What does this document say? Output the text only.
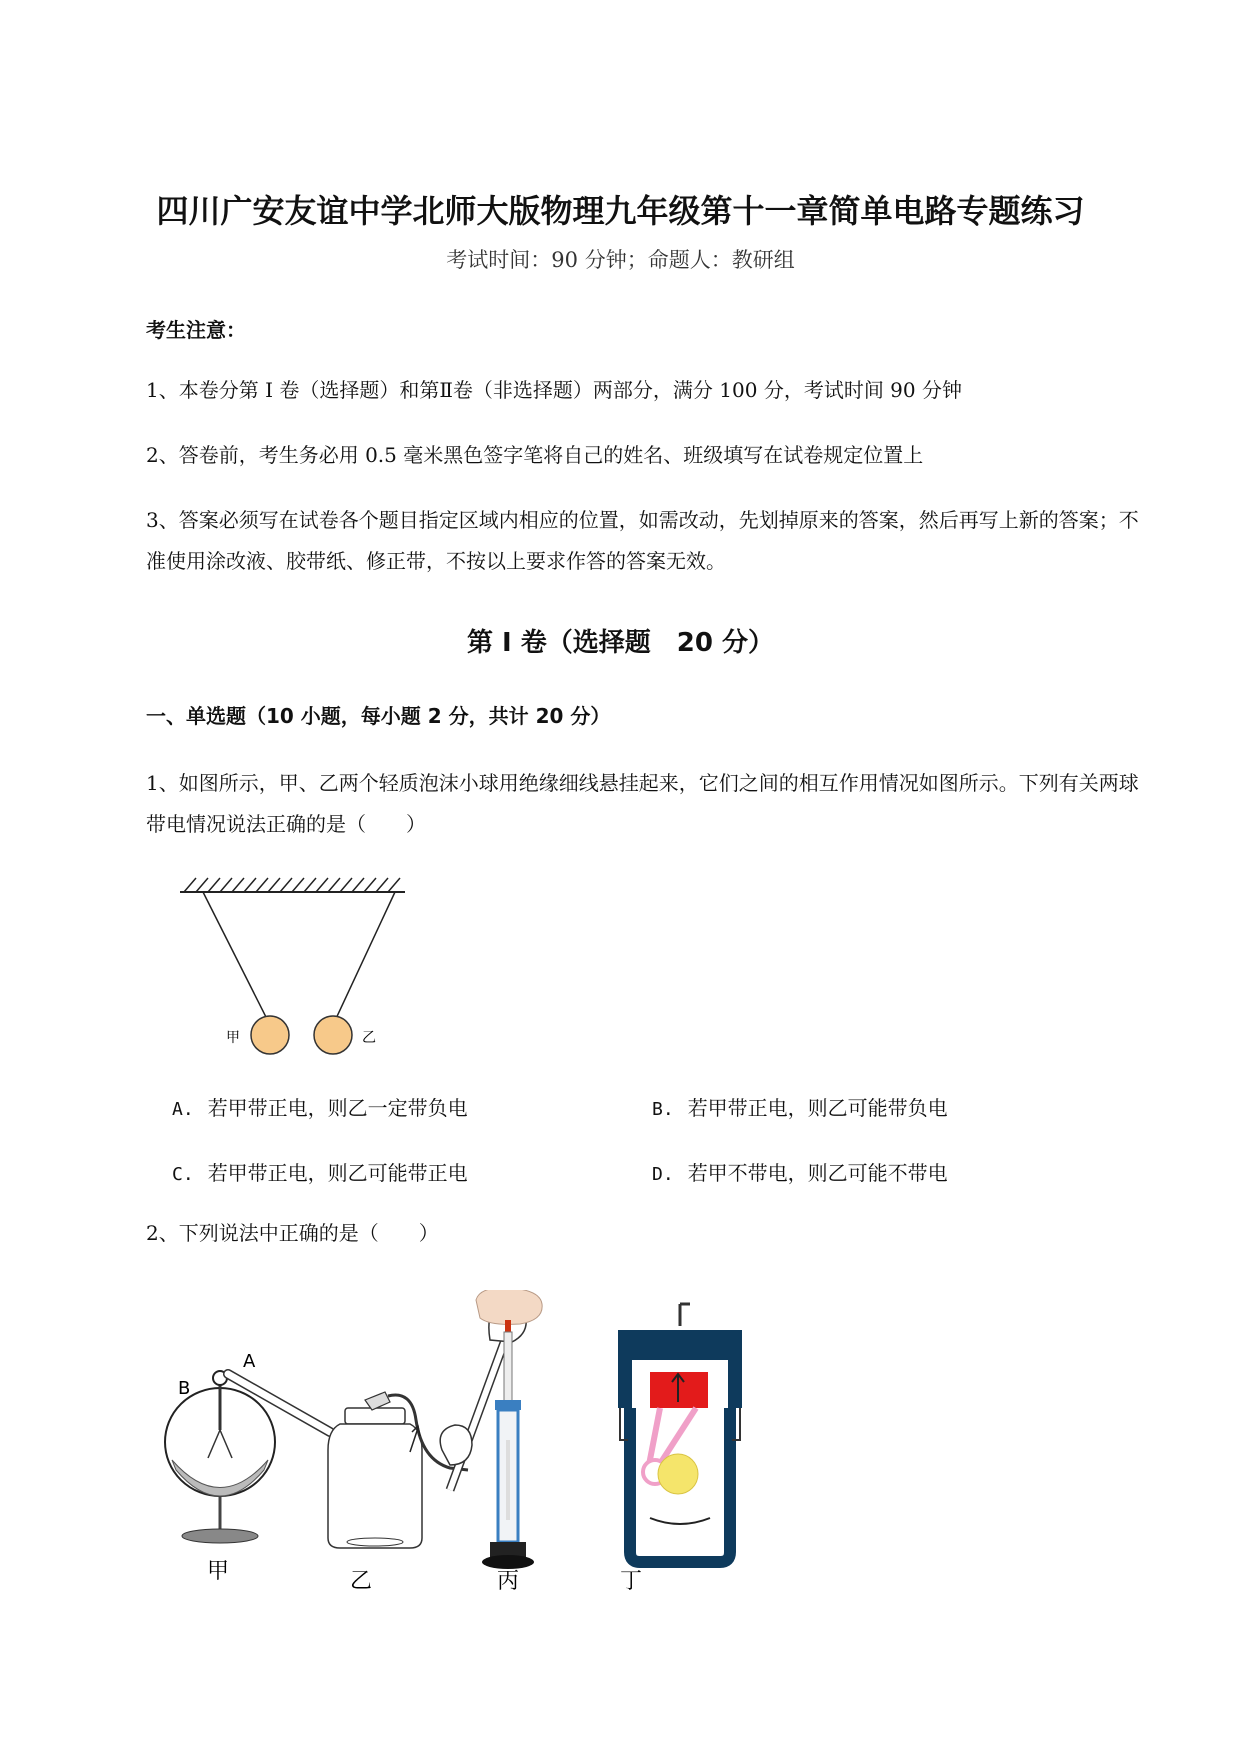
四川广安友谊中学北师大版物理九年级第十一章简单电路专题练习
考试时间：90 分钟；命题人：教研组
考生注意：
1、本卷分第 I 卷（选择题）和第Ⅱ卷（非选择题）两部分，满分 100 分，考试时间 90 分钟
2、答卷前，考生务必用 0.5 毫米黑色签字笔将自己的姓名、班级填写在试卷规定位置上
3、答案必须写在试卷各个题目指定区域内相应的位置，如需改动，先划掉原来的答案，然后再写上新的答案；不准使用涂改液、胶带纸、修正带，不按以上要求作答的答案无效。
第 I 卷（选择题　20 分）
一、单选题（10 小题，每小题 2 分，共计 20 分）
1、如图所示，甲、乙两个轻质泡沫小球用绝缘细线悬挂起来，它们之间的相互作用情况如图所示。下列有关两球带电情况说法正确的是（　　）
甲	乙
A. 若甲带正电，则乙一定带负电	B. 若甲带正电，则乙可能带负电
C. 若甲带正电，则乙可能带正电	D. 若甲不带电，则乙可能不带电
2、下列说法中正确的是（　　）
A
B
甲	乙	丙	丁
